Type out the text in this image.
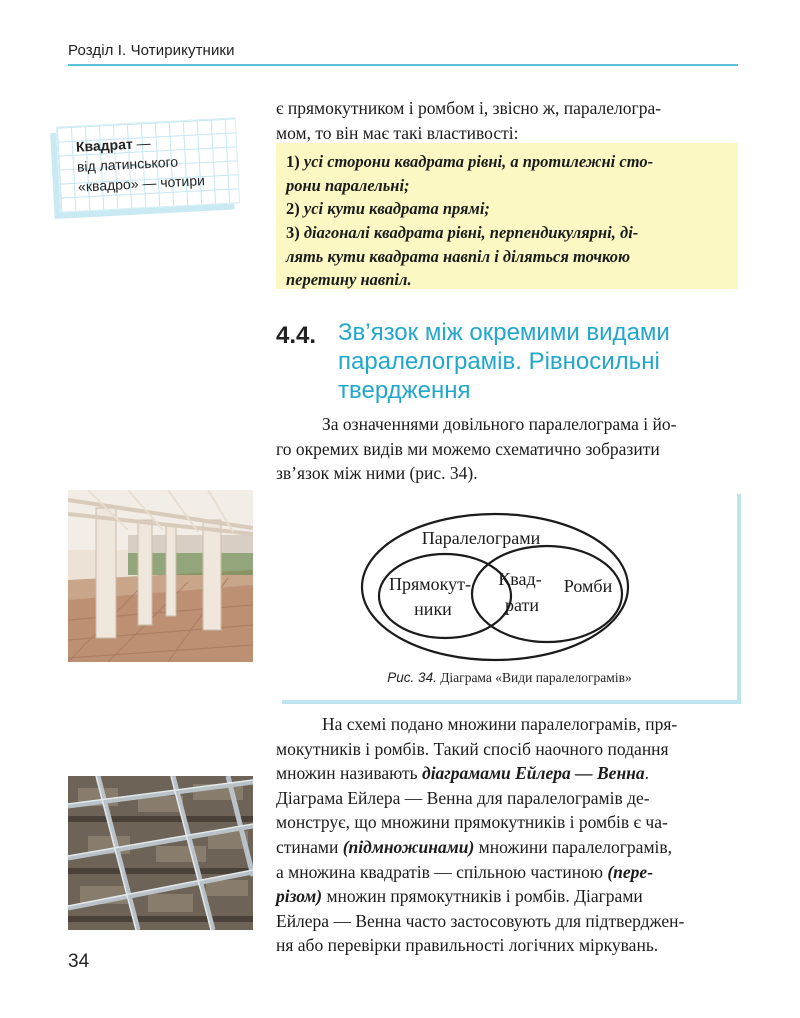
Розділ І. Чотирикутники
Квадрат —
від латинського
«квадро» — чотири
є прямокутником і ромбом і, звісно ж, паралелогра-
мом, то він має такі властивості:
1) усі сторони квадрата рівні, а протилежні сто-
рони паралельні;
2) усі кути квадрата прямі;
3) діагоналі квадрата рівні, перпендикулярні, ді-
лять кути квадрата навпіл і діляться точкою
перетину навпіл.
4.4. Зв’язок між окремими видами
паралелограмів. Рівносильні
твердження
За означеннями довільного паралелограма і йо-
го окремих видів ми можемо схематично зобразити
зв’язок між ними (рис. 34).
Паралелограми
Прямокут-
ники
Квад-
рати
Ромби
Рис. 34. Діаграма «Види паралелограмів»
На схемі подано множини паралелограмів, пря-
мокутників і ромбів. Такий спосіб наочного подання
множин називають діаграмами Ейлера — Венна.
Діаграма Ейлера — Венна для паралелограмів де-
монструє, що множини прямокутників і ромбів є ча-
стинами (підмножинами) множини паралелограмів,
а множина квадратів — спільною частиною (пере-
різом) множин прямокутників і ромбів. Діаграми
Ейлера — Венна часто застосовують для підтверджен-
ня або перевірки правильності логічних міркувань.
34
